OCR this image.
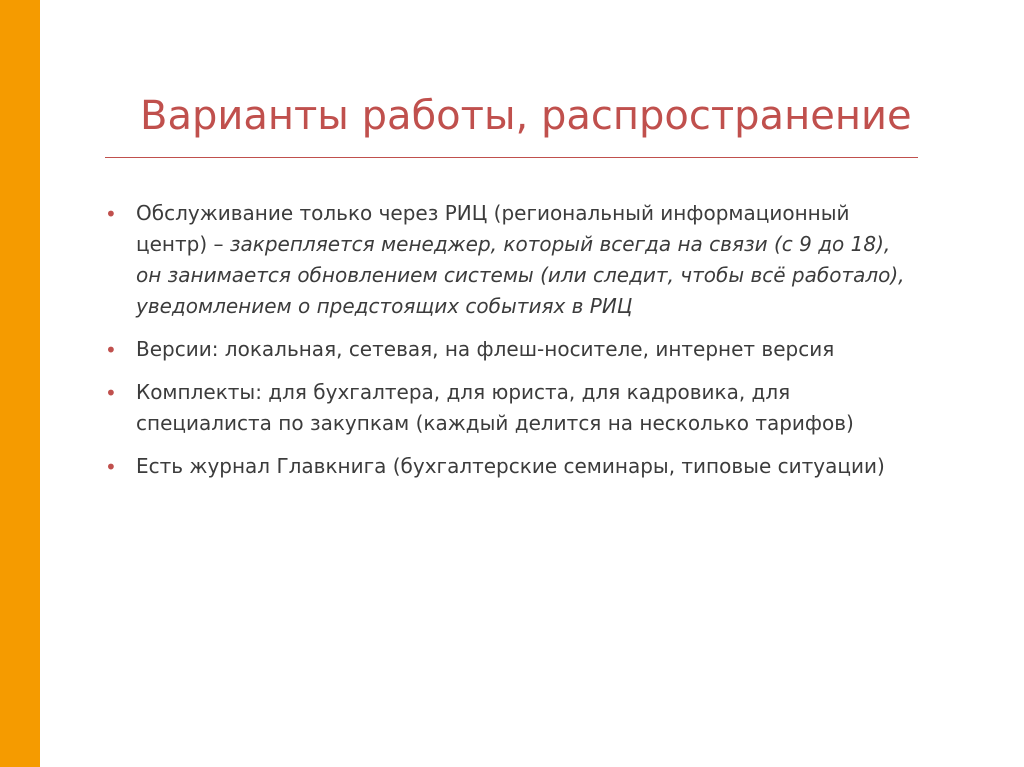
Варианты работы, распространение
• Обслуживание только через РИЦ (региональный информационный центр) – закрепляется менеджер, который всегда на связи (с 9 до 18), он занимается обновлением системы (или следит, чтобы всё работало), уведомлением о предстоящих событиях в РИЦ
• Версии: локальная, сетевая, на флеш-носителе, интернет версия
• Комплекты: для бухгалтера, для юриста, для кадровика, для специалиста по закупкам (каждый делится на несколько тарифов)
• Есть журнал Главкнига (бухгалтерские семинары, типовые ситуации)
